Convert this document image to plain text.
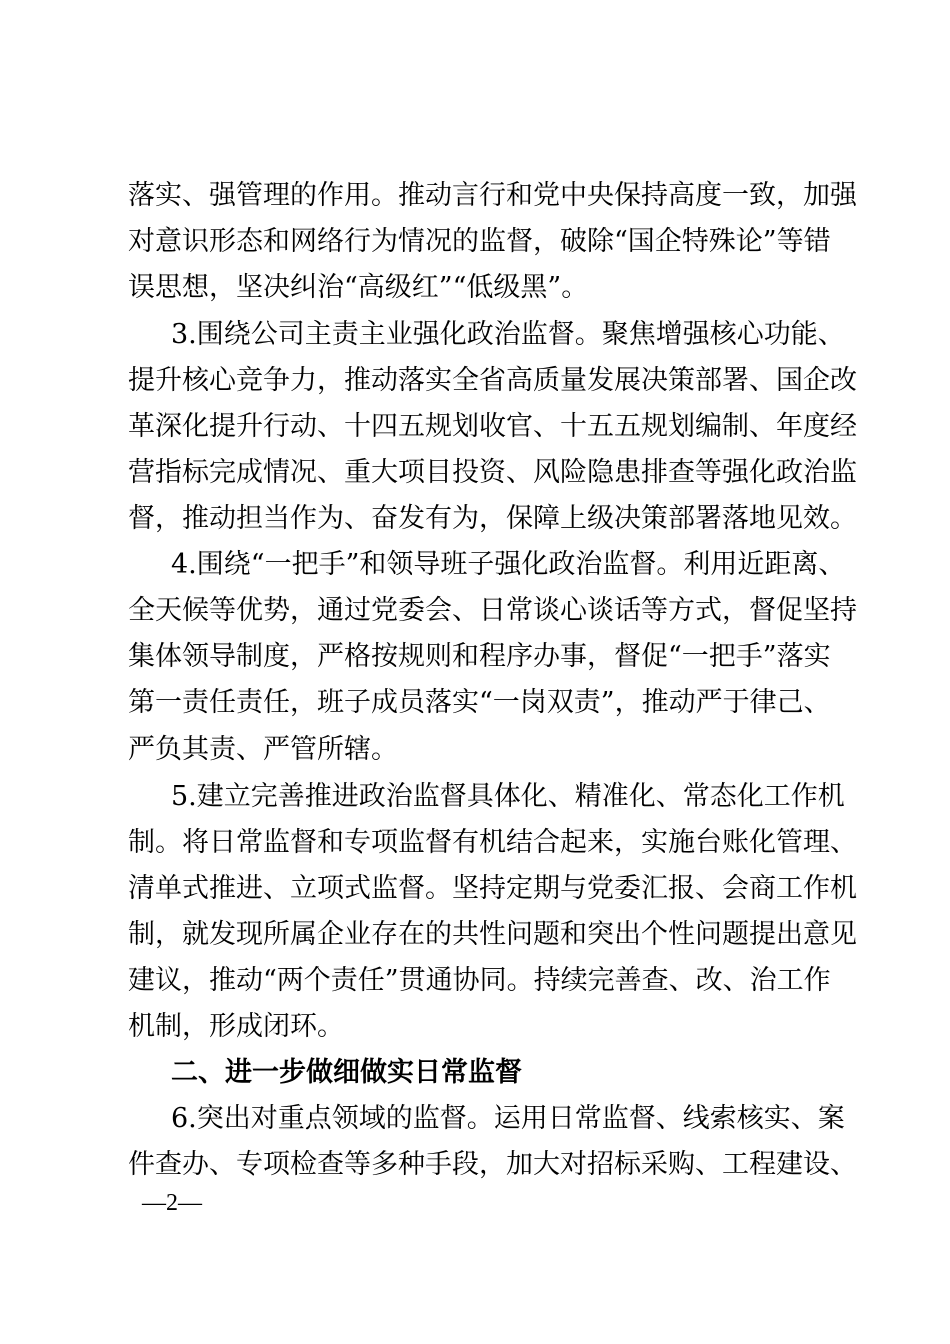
落实、强管理的作用。推动言行和党中央保持高度一致，加强
对意识形态和网络行为情况的监督，破除“国企特殊论”等错
误思想，坚决纠治“高级红”“低级黑”。
3.围绕公司主责主业强化政治监督。聚焦增强核心功能、
提升核心竞争力，推动落实全省高质量发展决策部署、国企改
革深化提升行动、十四五规划收官、十五五规划编制、年度经
营指标完成情况、重大项目投资、风险隐患排查等强化政治监
督，推动担当作为、奋发有为，保障上级决策部署落地见效。
4.围绕“一把手”和领导班子强化政治监督。利用近距离、
全天候等优势，通过党委会、日常谈心谈话等方式，督促坚持
集体领导制度，严格按规则和程序办事，督促“一把手”落实
第一责任责任，班子成员落实“一岗双责”，推动严于律己、
严负其责、严管所辖。
5.建立完善推进政治监督具体化、精准化、常态化工作机
制。将日常监督和专项监督有机结合起来，实施台账化管理、
清单式推进、立项式监督。坚持定期与党委汇报、会商工作机
制，就发现所属企业存在的共性问题和突出个性问题提出意见
建议，推动“两个责任”贯通协同。持续完善查、改、治工作
机制，形成闭环。
二、进一步做细做实日常监督
6.突出对重点领域的监督。运用日常监督、线索核实、案
件查办、专项检查等多种手段，加大对招标采购、工程建设、
—2—
